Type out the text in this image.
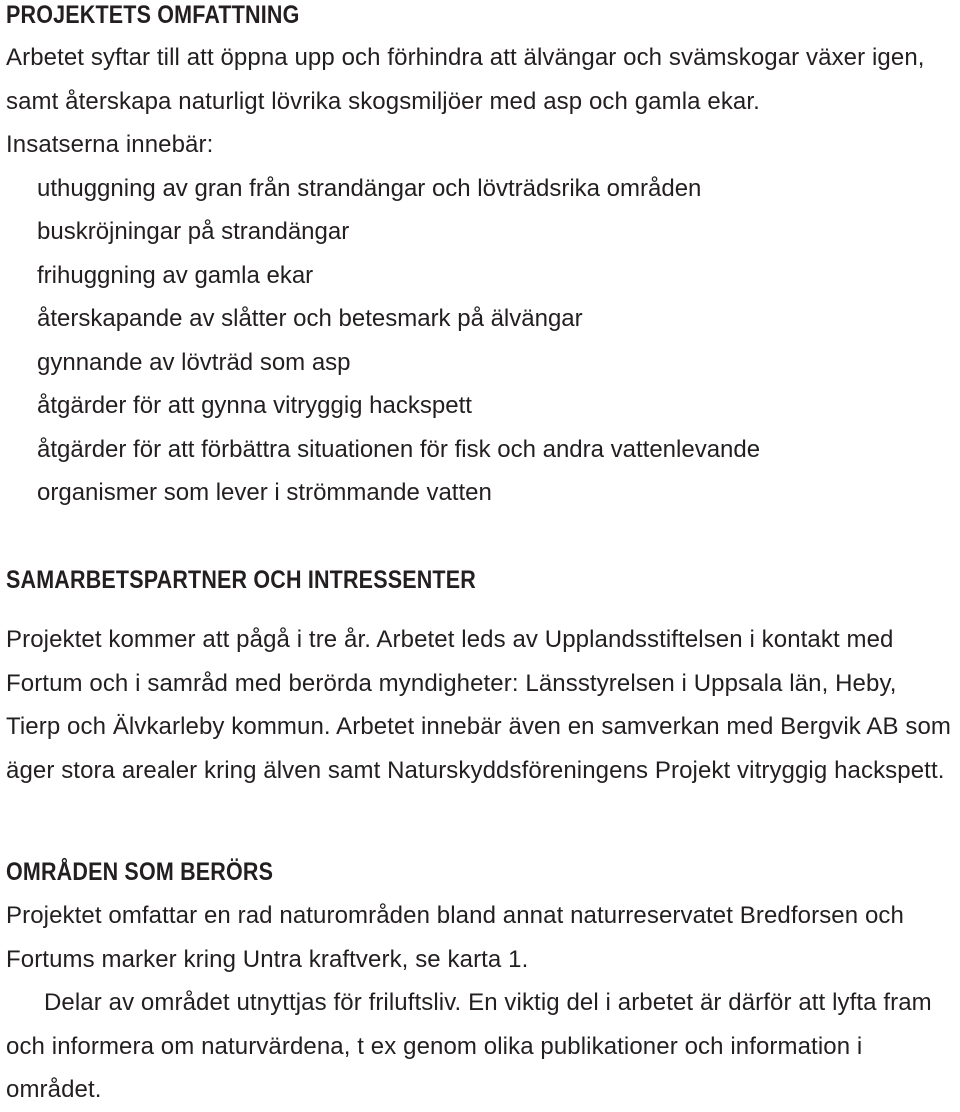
PROJEKTETS OMFATTNING

Arbetet syftar till att öppna upp och förhindra att älvängar och svämskogar växer igen, samt återskapa naturligt lövrika skogsmiljöer med asp och gamla ekar.

Insatserna innebär:

uthuggning av gran från strandängar och lövträdsrika områden
buskröjningar på strandängar
frihuggning av gamla ekar
återskapande av slåtter och betesmark på älvängar
gynnande av lövträd som asp
åtgärder för att gynna vitryggig hackspett
åtgärder för att förbättra situationen för fisk och andra vattenlevande organismer som lever i strömmande vatten
SAMARBETSPARTNER OCH INTRESSENTER

Projektet kommer att pågå i tre år. Arbetet leds av Upplandsstiftelsen i kontakt med Fortum och i samråd med berörda myndigheter: Länsstyrelsen i Uppsala län, Heby, Tierp och Älvkarleby kommun. Arbetet innebär även en samverkan med Bergvik AB som äger stora arealer kring älven samt Naturskyddsföreningens Projekt vitryggig hackspett.

OMRÅDEN SOM BERÖRS

Projektet omfattar en rad naturområden bland annat naturreservatet Bredforsen och Fortums marker kring Untra kraftverk, se karta 1.

Delar av området utnyttjas för friluftsliv. En viktig del i arbetet är därför att lyfta fram och informera om naturvärdena, t ex genom olika publikationer och information i området.
